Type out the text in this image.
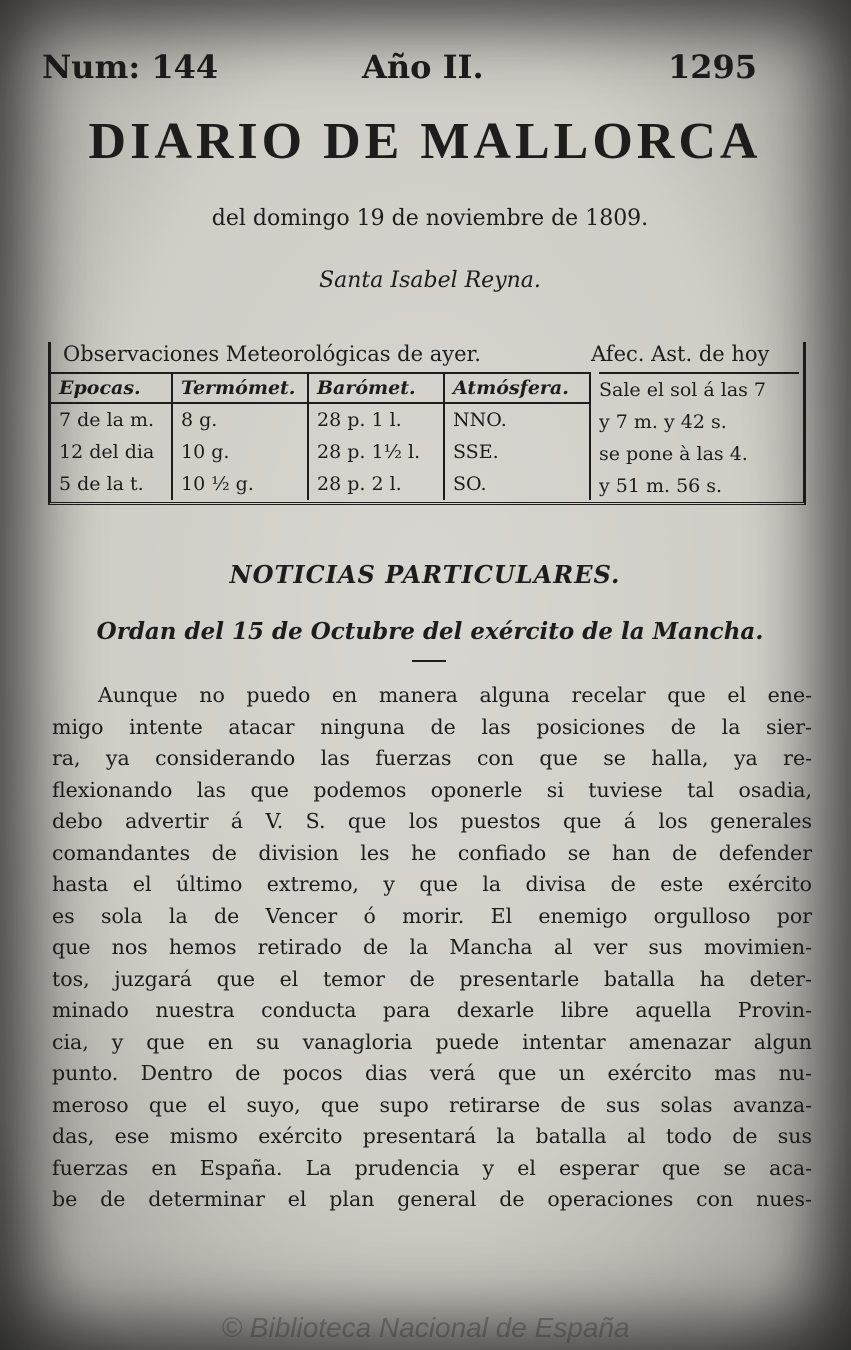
Num: 144	Año II.	1295
DIARIO DE MALLORCA
del domingo 19 de noviembre de 1809.
Santa Isabel Reyna.
Observaciones Meteorológicas de ayer.	Afec. Ast. de hoy
Epocas.	Termómet.	Barómet.	Atmósfera.
7 de la m.	8 g.	28 p. 1 l.	NNO.
12 del dia	10 g.	28 p. 1½ l.	SSE.
5 de la t.	10 ½ g.	28 p. 2 l.	SO.
Sale el sol á las 7
y 7 m. y 42 s.
se pone à las 4.
y 51 m. 56 s.
NOTICIAS PARTICULARES.
Ordan del 15 de Octubre del exército de la Mancha.
Aunque no puedo en manera alguna recelar que el ene-
migo intente atacar ninguna de las posiciones de la sier-
ra, ya considerando las fuerzas con que se halla, ya re-
flexionando las que podemos oponerle si tuviese tal osadia,
debo advertir á V. S. que los puestos que á los generales
comandantes de division les he confiado se han de defender
hasta el último extremo, y que la divisa de este exército
es sola la de Vencer ó morir. El enemigo orgulloso por
que nos hemos retirado de la Mancha al ver sus movimien-
tos, juzgará que el temor de presentarle batalla ha deter-
minado nuestra conducta para dexarle libre aquella Provin-
cia, y que en su vanagloria puede intentar amenazar algun
punto. Dentro de pocos dias verá que un exército mas nu-
meroso que el suyo, que supo retirarse de sus solas avanza-
das, ese mismo exército presentará la batalla al todo de sus
fuerzas en España. La prudencia y el esperar que se aca-
be de determinar el plan general de operaciones con nues-
© Biblioteca Nacional de España
